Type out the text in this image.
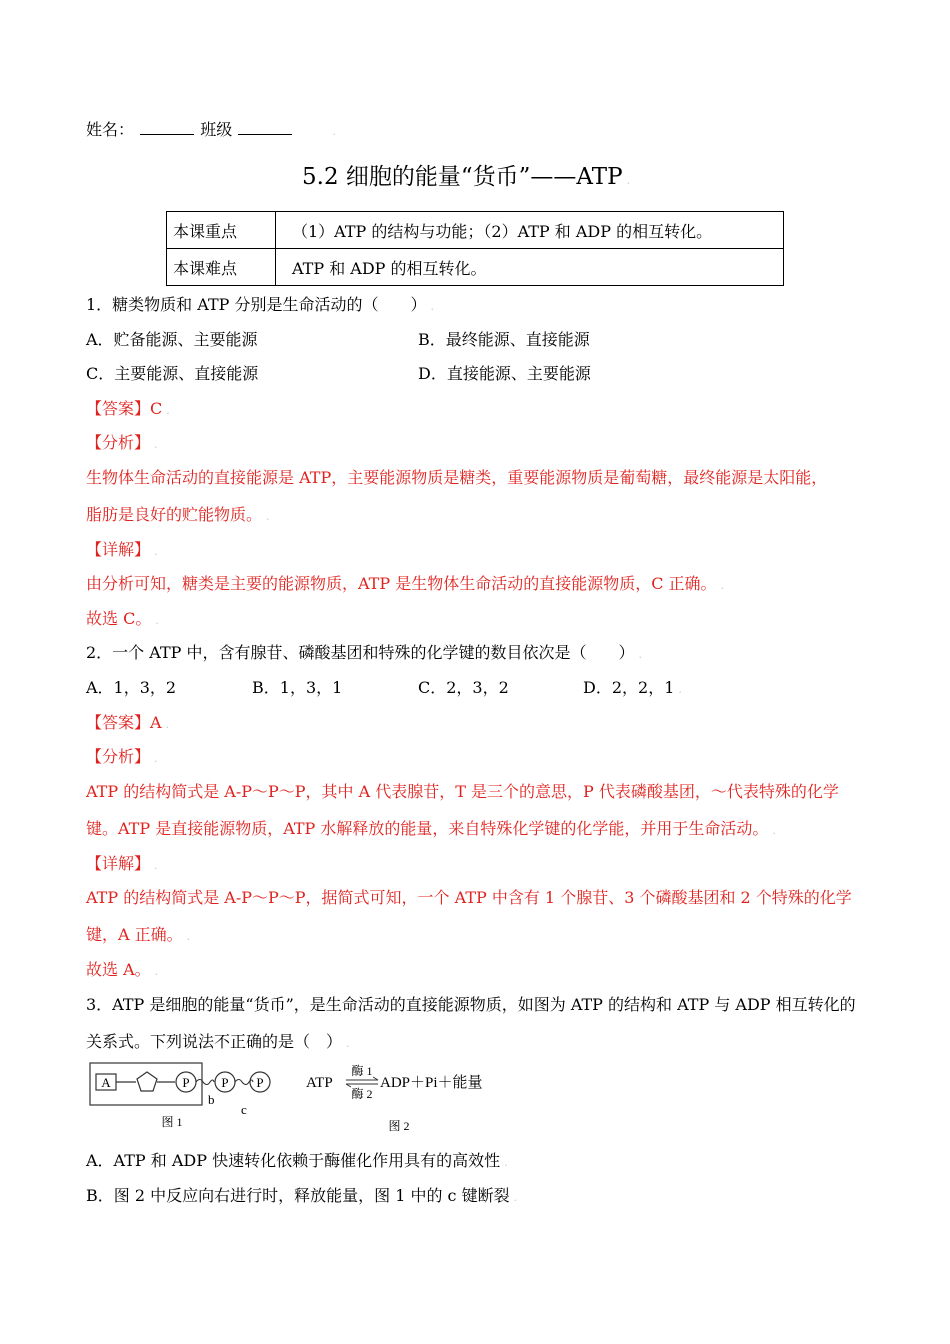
姓名：	班级	.
5.2 细胞的能量“货币”——ATP .
本课重点	（1）ATP 的结构与功能；（2）ATP 和 ADP 的相互转化。
本课难点	ATP 和 ADP 的相互转化。
1．糖类物质和 ATP 分别是生命活动的（　　） .
A．贮备能源、主要能源	B．最终能源、直接能源
C．主要能源、直接能源	D．直接能源、主要能源
【答案】C .
【分析】 .
生物体生命活动的直接能源是 ATP，主要能源物质是糖类，重要能源物质是葡萄糖，最终能源是太阳能，
脂肪是良好的贮能物质。 .
【详解】 .
由分析可知，糖类是主要的能源物质，ATP 是生物体生命活动的直接能源物质，C 正确。 .
故选 C。 .
2．一个 ATP 中，含有腺苷、磷酸基团和特殊的化学键的数目依次是（　　） .
A．1，3，2	B．1，3，1	C．2，3，2	D．2，2，1 .
【答案】A .
【分析】 .
ATP 的结构简式是 A-P～P～P，其中 A 代表腺苷，T 是三个的意思，P 代表磷酸基团，～代表特殊的化学
键。ATP 是直接能源物质，ATP 水解释放的能量，来自特殊化学键的化学能，并用于生命活动。 .
【详解】 .
ATP 的结构简式是 A-P～P～P，据简式可知，一个 ATP 中含有 1 个腺苷、3 个磷酸基团和 2 个特殊的化学
键，A 正确。 .
故选 A。 .
3．ATP 是细胞的能量“货币”，是生命活动的直接能源物质，如图为 ATP 的结构和 ATP 与 ADP 相互转化的
关系式。下列说法不正确的是（　） .
A	P P P
b
c
图 1
ATP
酶 1
酶 2
ADP＋Pi＋能量
图 2
A．ATP 和 ADP 快速转化依赖于酶催化作用具有的高效性 .
B．图 2 中反应向右进行时，释放能量，图 1 中的 c 键断裂 .
